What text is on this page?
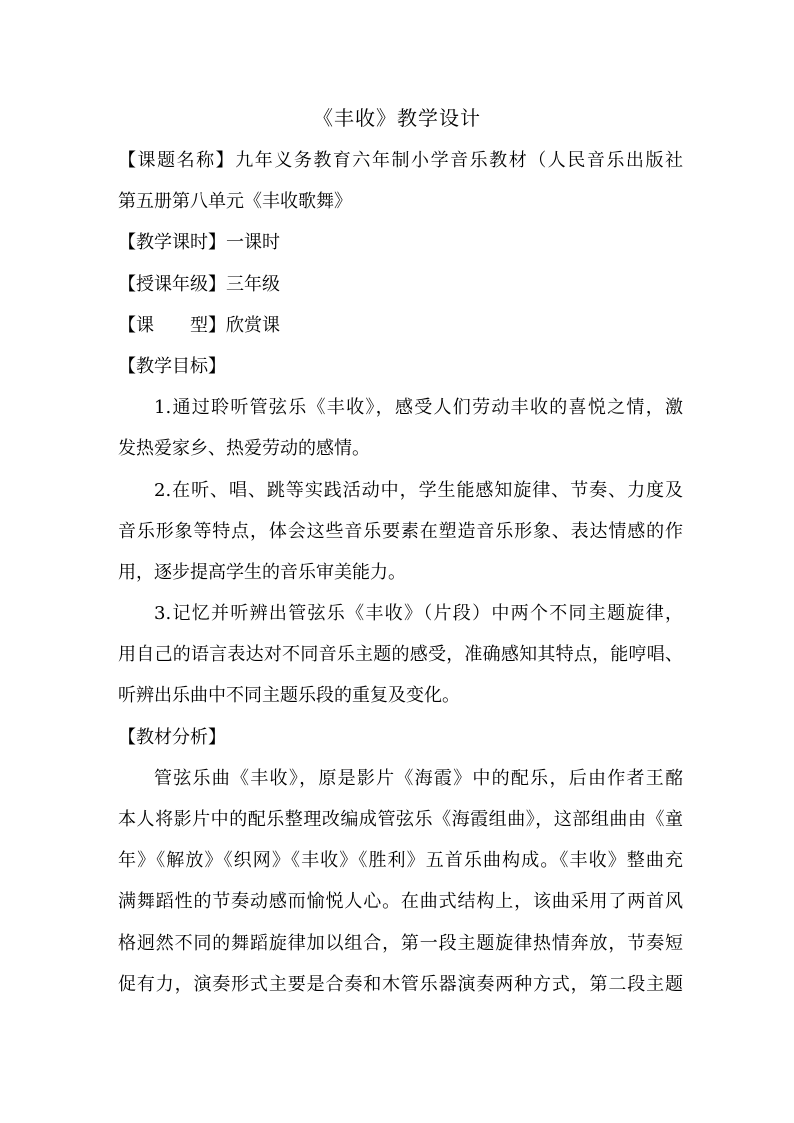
《丰收》教学设计
【课题名称】九年义务教育六年制小学音乐教材（人民音乐出版社
第五册第八单元《丰收歌舞》
【教学课时】一课时
【授课年级】三年级
【课 型】欣赏课
【教学目标】
1.通过聆听管弦乐《丰收》，感受人们劳动丰收的喜悦之情，激
发热爱家乡、热爱劳动的感情。
2.在听、唱、跳等实践活动中，学生能感知旋律、节奏、力度及
音乐形象等特点，体会这些音乐要素在塑造音乐形象、表达情感的作
用，逐步提高学生的音乐审美能力。
3.记忆并听辨出管弦乐《丰收》（片段）中两个不同主题旋律，
用自己的语言表达对不同音乐主题的感受，准确感知其特点，能哼唱、
听辨出乐曲中不同主题乐段的重复及变化。
【教材分析】
管弦乐曲《丰收》，原是影片《海霞》中的配乐，后由作者王酩
本人将影片中的配乐整理改编成管弦乐《海霞组曲》，这部组曲由《童
年》《解放》《织网》《丰收》《胜利》五首乐曲构成。《丰收》整曲充
满舞蹈性的节奏动感而愉悦人心。在曲式结构上，该曲采用了两首风
格迥然不同的舞蹈旋律加以组合，第一段主题旋律热情奔放，节奏短
促有力，演奏形式主要是合奏和木管乐器演奏两种方式，第二段主题
